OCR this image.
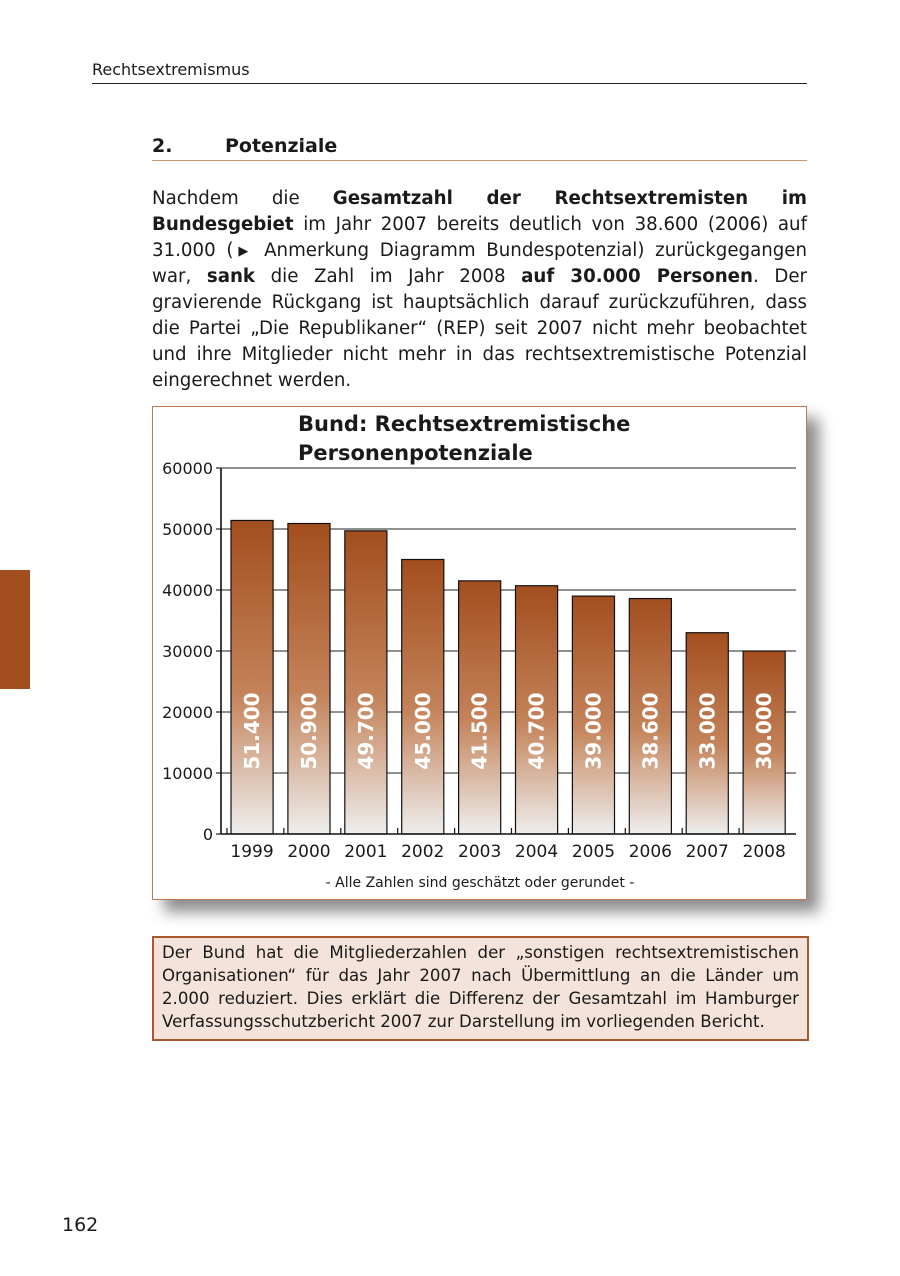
Rechtsextremismus
2.	Potenziale

Nachdem die Gesamtzahl der Rechtsextremisten im Bundesgebiet im Jahr 2007 bereits deutlich von 38.600 (2006) auf 31.000 (▶ Anmerkung Diagramm Bundespotenzial) zurückgegangen war, sank die Zahl im Jahr 2008 auf 30.000 Personen. Der gravierende Rückgang ist hauptsächlich darauf zurückzuführen, dass die Partei „Die Republikaner“ (REP) seit 2007 nicht mehr beobachtet und ihre Mitglieder nicht mehr in das rechtsextremistische Potenzial eingerechnet werden.

Bund: Rechtsextremistische
Personenpotenziale
0
10000
20000
30000
40000
50000
60000
51.400
1999
50.900
2000
49.700
2001
45.000
2002
41.500
2003
40.700
2004
39.000
2005
38.600
2006
33.000
2007
30.000
2008
- Alle Zahlen sind geschätzt oder gerundet -
Der Bund hat die Mitgliederzahlen der „sonstigen rechtsextremistischen Organisationen“ für das Jahr 2007 nach Übermittlung an die Länder um 2.000 reduziert. Dies erklärt die Differenz der Gesamtzahl im Hamburger Verfassungsschutzbericht 2007 zur Darstellung im vorliegenden Bericht.
162
